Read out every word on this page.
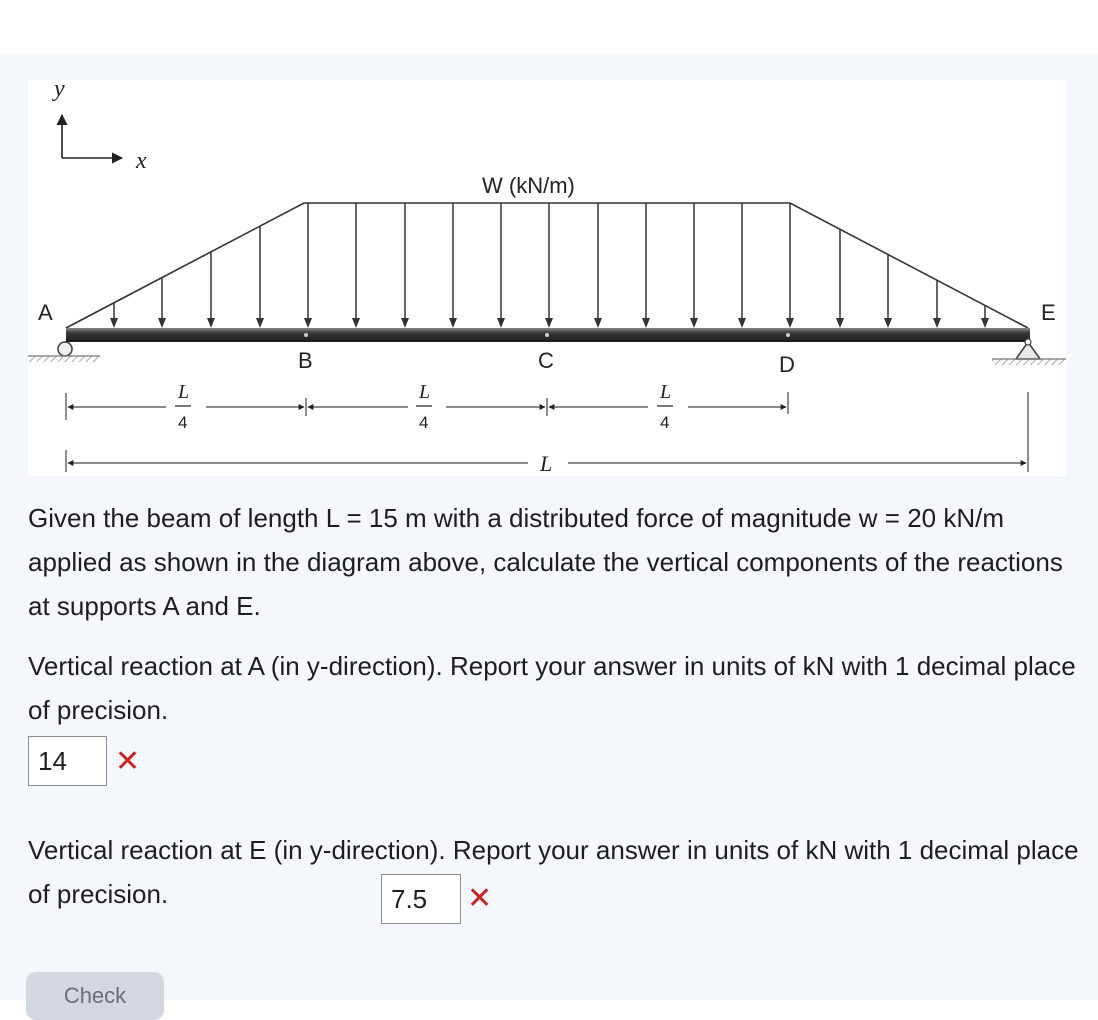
y
x
W (kN/m)
A
B	C	D
E
L
4
L
4
L
4
L

Given the beam of length L = 15 m with a distributed force of magnitude w = 20 kN/m applied as shown in the diagram above, calculate the vertical components of the reactions at supports A and E.

Vertical reaction at A (in y-direction). Report your answer in units of kN with 1 decimal place of precision.

14
✕

Vertical reaction at E (in y-direction). Report your answer in units of kN with 1 decimal place of precision.

7.5	✕
Check
